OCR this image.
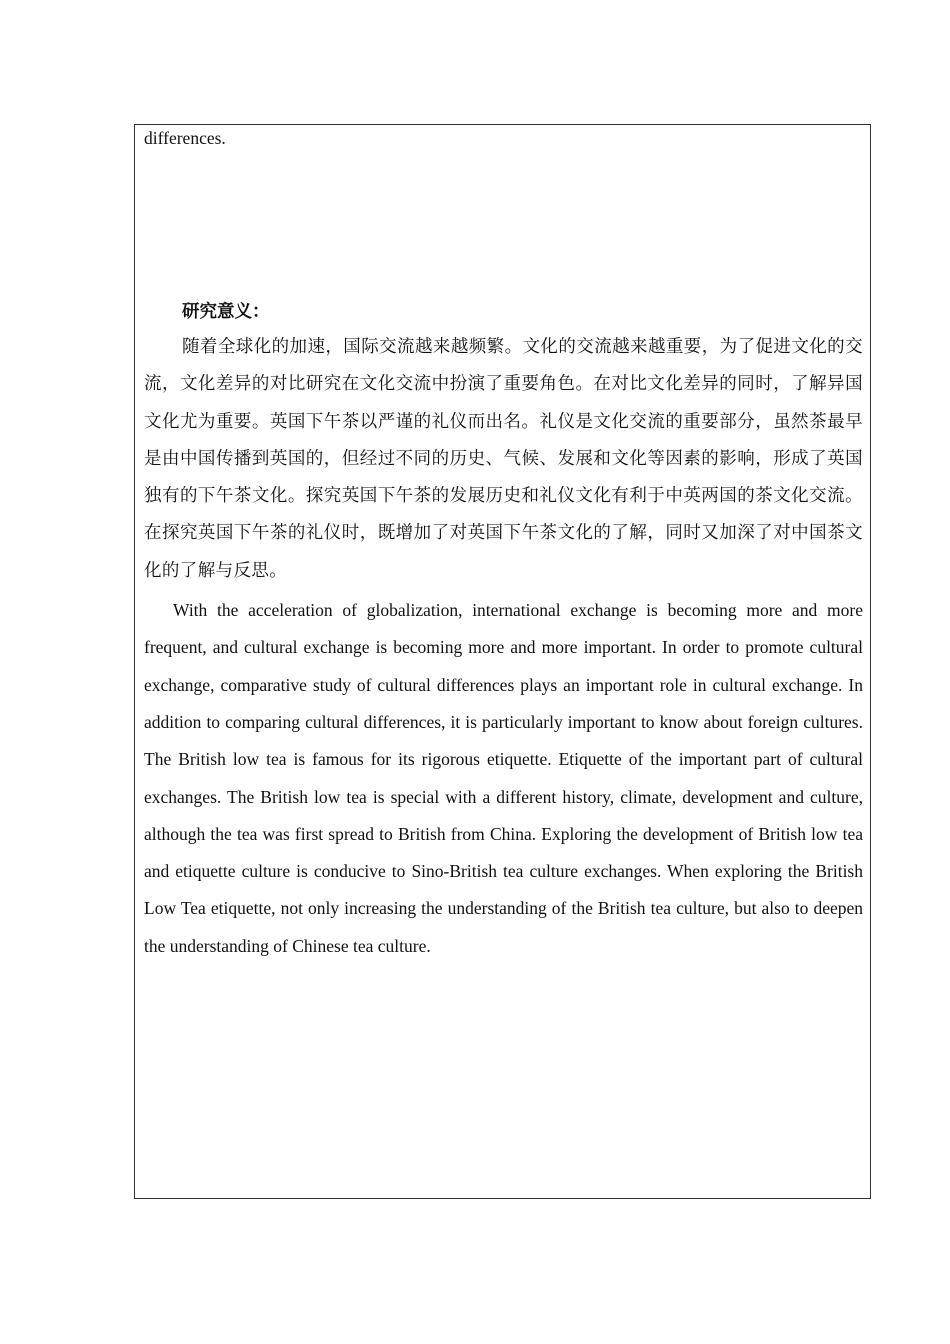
differences.

研究意义：

随着全球化的加速，国际交流越来越频繁。文化的交流越来越重要，为了促进文化的交流，文化差异的对比研究在文化交流中扮演了重要角色。在对比文化差异的同时，了解异国文化尤为重要。英国下午茶以严谨的礼仪而出名。礼仪是文化交流的重要部分，虽然茶最早是由中国传播到英国的，但经过不同的历史、气候、发展和文化等因素的影响，形成了英国独有的下午茶文化。探究英国下午茶的发展历史和礼仪文化有利于中英两国的茶文化交流。在探究英国下午茶的礼仪时，既增加了对英国下午茶文化的了解，同时又加深了对中国茶文化的了解与反思。

With the acceleration of globalization, international exchange is becoming more and more frequent, and cultural exchange is becoming more and more important. In order to promote cultural exchange, comparative study of cultural differences plays an important role in cultural exchange. In addition to comparing cultural differences, it is particularly important to know about foreign cultures. The British low tea is famous for its rigorous etiquette. Etiquette of the important part of cultural exchanges. The British low tea is special with a different history, climate, development and culture, although the tea was first spread to British from China. Exploring the development of British low tea and etiquette culture is conducive to Sino-British tea culture exchanges. When exploring the British Low Tea etiquette, not only increasing the understanding of the British tea culture, but also to deepen the understanding of Chinese tea culture.
